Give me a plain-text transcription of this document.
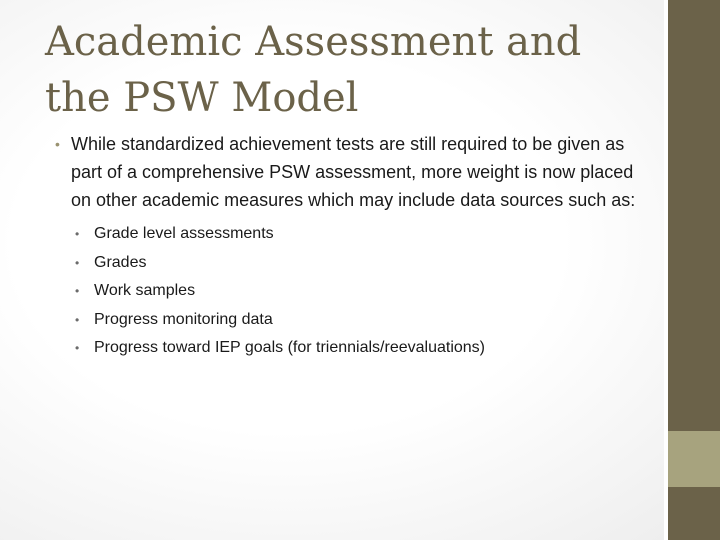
Academic Assessment and the PSW Model
• While standardized achievement tests are still required to be given as part of a comprehensive PSW assessment, more weight is now placed on other academic measures which may include data sources such as:
• Grade level assessments
• Grades
• Work samples
• Progress monitoring data
• Progress toward IEP goals (for triennials/reevaluations)
